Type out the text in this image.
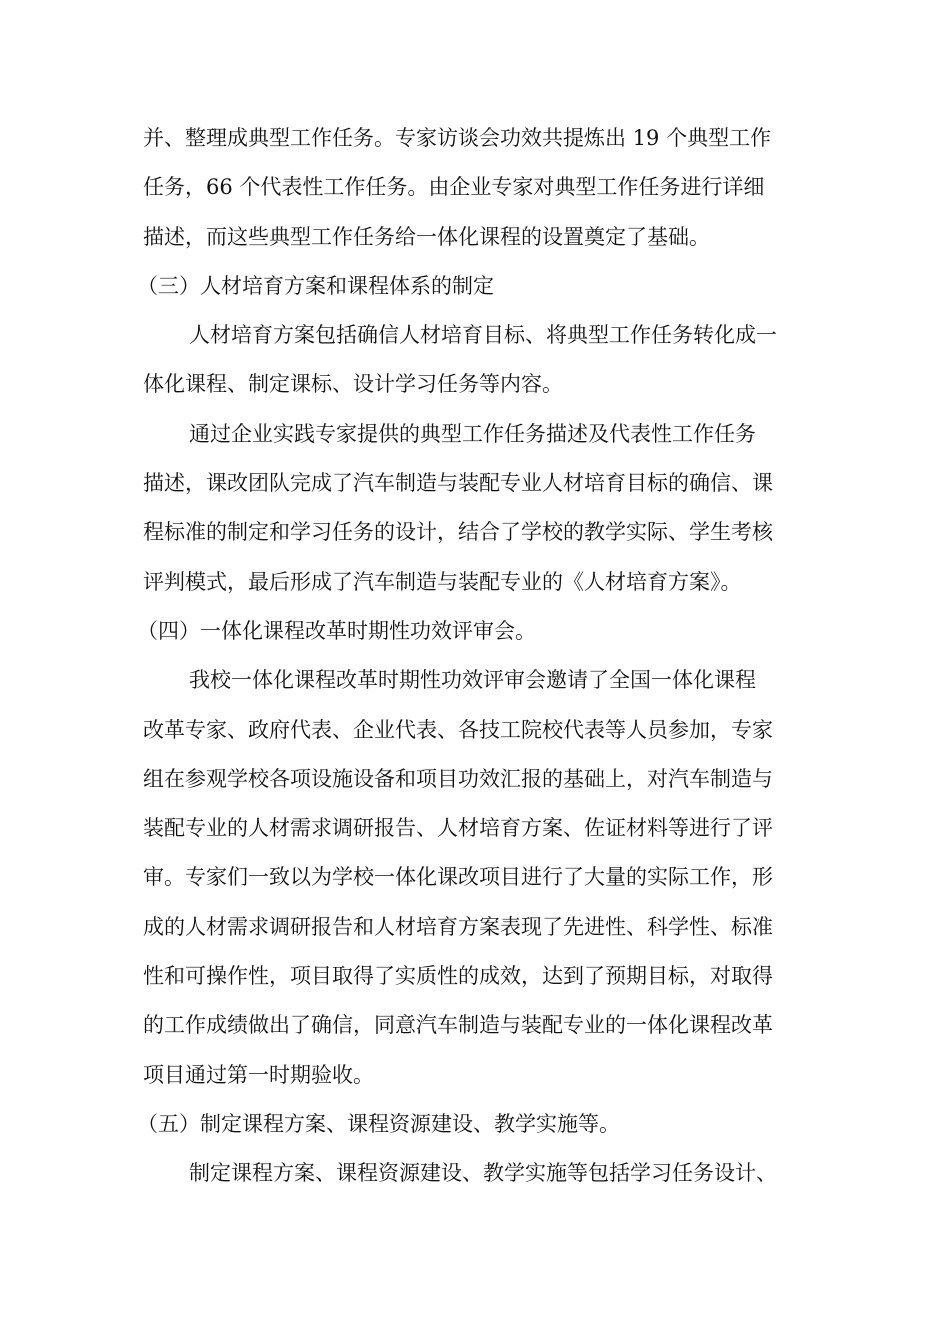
并、整理成典型工作任务。专家访谈会功效共提炼出 19 个典型工作
任务，66 个代表性工作任务。由企业专家对典型工作任务进行详细
描述，而这些典型工作任务给一体化课程的设置奠定了基础。
（三）人材培育方案和课程体系的制定
人材培育方案包括确信人材培育目标、将典型工作任务转化成一
体化课程、制定课标、设计学习任务等内容。
通过企业实践专家提供的典型工作任务描述及代表性工作任务
描述，课改团队完成了汽车制造与装配专业人材培育目标的确信、课
程标准的制定和学习任务的设计，结合了学校的教学实际、学生考核
评判模式，最后形成了汽车制造与装配专业的《人材培育方案》。
（四）一体化课程改革时期性功效评审会。
我校一体化课程改革时期性功效评审会邀请了全国一体化课程
改革专家、政府代表、企业代表、各技工院校代表等人员参加，专家
组在参观学校各项设施设备和项目功效汇报的基础上，对汽车制造与
装配专业的人材需求调研报告、人材培育方案、佐证材料等进行了评
审。专家们一致以为学校一体化课改项目进行了大量的实际工作，形
成的人材需求调研报告和人材培育方案表现了先进性、科学性、标准
性和可操作性，项目取得了实质性的成效，达到了预期目标，对取得
的工作成绩做出了确信，同意汽车制造与装配专业的一体化课程改革
项目通过第一时期验收。
（五）制定课程方案、课程资源建设、教学实施等。
制定课程方案、课程资源建设、教学实施等包括学习任务设计、
